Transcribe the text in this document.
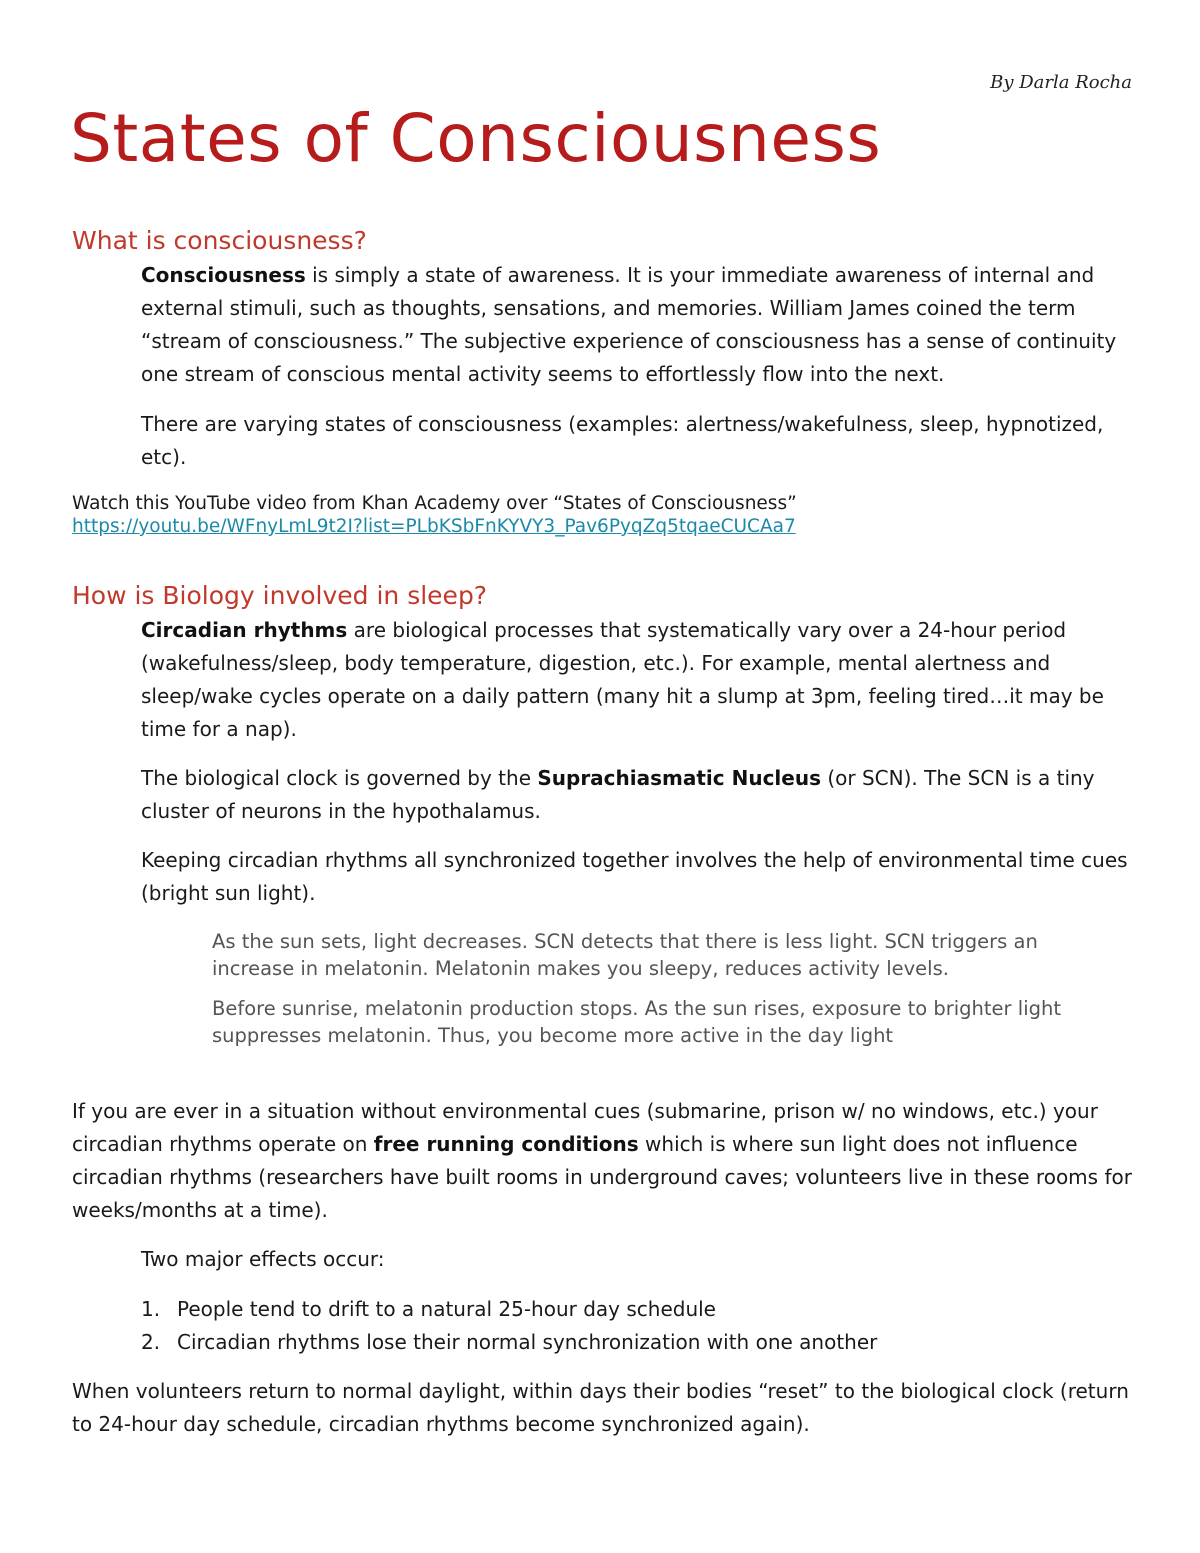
By Darla Rocha
States of Consciousness
What is consciousness?

Consciousness is simply a state of awareness. It is your immediate awareness of internal and external stimuli, such as thoughts, sensations, and memories. William James coined the term “stream of consciousness.” The subjective experience of consciousness has a sense of continuity one stream of conscious mental activity seems to effortlessly flow into the next.

There are varying states of consciousness (examples: alertness/wakefulness, sleep, hypnotized, etc).

Watch this YouTube video from Khan Academy over “States of Consciousness”
https://youtu.be/WFnyLmL9t2I?list=PLbKSbFnKYVY3_Pav6PyqZq5tqaeCUCAa7

How is Biology involved in sleep?

Circadian rhythms are biological processes that systematically vary over a 24-hour period (wakefulness/sleep, body temperature, digestion, etc.). For example, mental alertness and sleep/wake cycles operate on a daily pattern (many hit a slump at 3pm, feeling tired…it may be time for a nap).

The biological clock is governed by the Suprachiasmatic Nucleus (or SCN). The SCN is a tiny cluster of neurons in the hypothalamus.

Keeping circadian rhythms all synchronized together involves the help of environmental time cues (bright sun light).

As the sun sets, light decreases. SCN detects that there is less light. SCN triggers an increase in melatonin. Melatonin makes you sleepy, reduces activity levels.

Before sunrise, melatonin production stops. As the sun rises, exposure to brighter light suppresses melatonin. Thus, you become more active in the day light

If you are ever in a situation without environmental cues (submarine, prison w/ no windows, etc.) your circadian rhythms operate on free running conditions which is where sun light does not influence circadian rhythms (researchers have built rooms in underground caves; volunteers live in these rooms for weeks/months at a time).

Two major effects occur:

1. People tend to drift to a natural 25-hour day schedule
2. Circadian rhythms lose their normal synchronization with one another

When volunteers return to normal daylight, within days their bodies “reset” to the biological clock (return to 24-hour day schedule, circadian rhythms become synchronized again).
